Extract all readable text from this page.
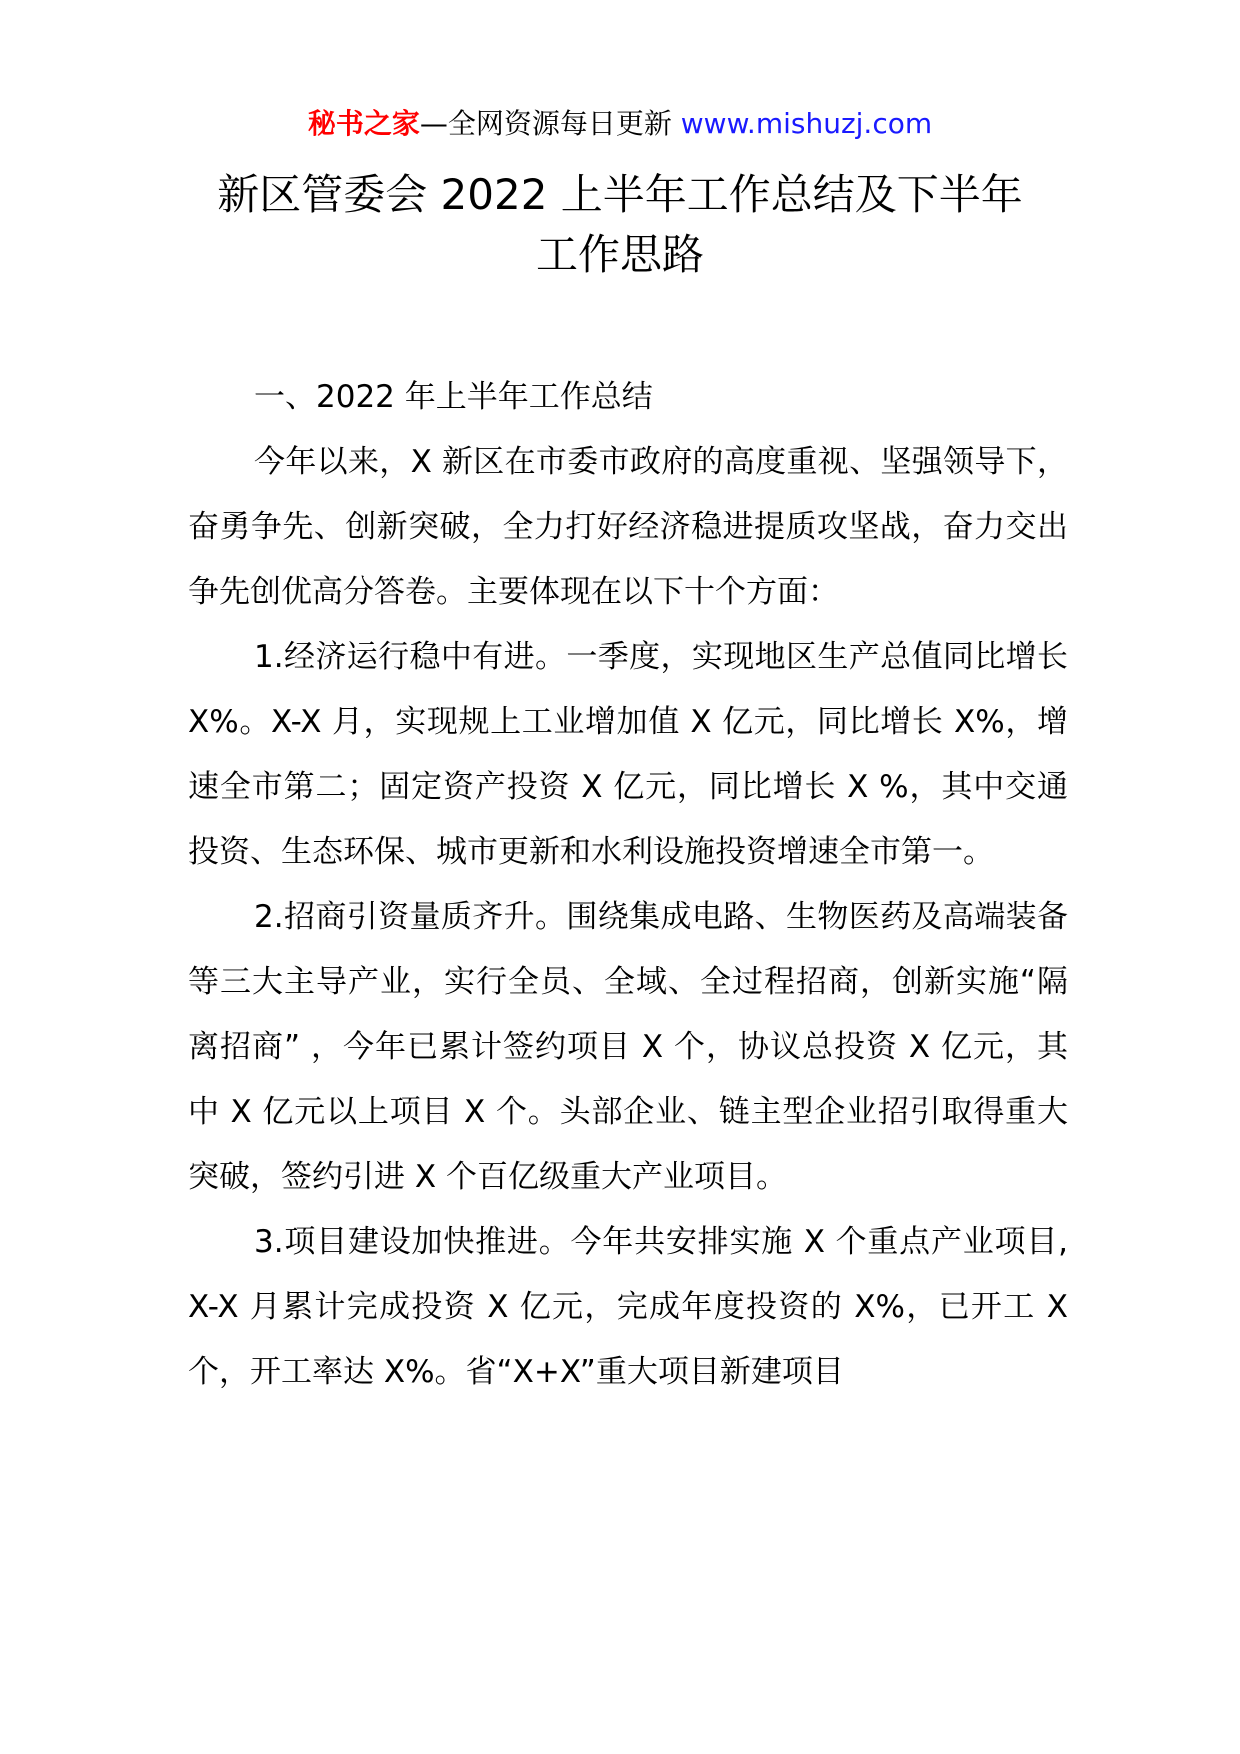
秘书之家—全网资源每日更新 www.mishuzj.com
新区管委会 2022 上半年工作总结及下半年
工作思路

一、2022 年上半年工作总结

今年以来，X 新区在市委市政府的高度重视、坚强领导下，奋勇争先、创新突破，全力打好经济稳进提质攻坚战，奋力交出争先创优高分答卷。主要体现在以下十个方面：

1.经济运行稳中有进。一季度，实现地区生产总值同比增长 X%。X-X 月，实现规上工业增加值 X 亿元，同比增长 X%，增速全市第二；固定资产投资 X 亿元，同比增长 X %，其中交通投资、生态环保、城市更新和水利设施投资增速全市第一。

2.招商引资量质齐升。围绕集成电路、生物医药及高端装备等三大主导产业，实行全员、全域、全过程招商，创新实施“隔离招商” ，今年已累计签约项目 X 个，协议总投资 X 亿元，其中 X 亿元以上项目 X 个。头部企业、链主型企业招引取得重大突破，签约引进 X 个百亿级重大产业项目。

3.项目建设加快推进。今年共安排实施 X 个重点产业项目,X-X 月累计完成投资 X 亿元，完成年度投资的 X%，已开工 X 个，开工率达 X%。省“X+X”重大项目新建项目
